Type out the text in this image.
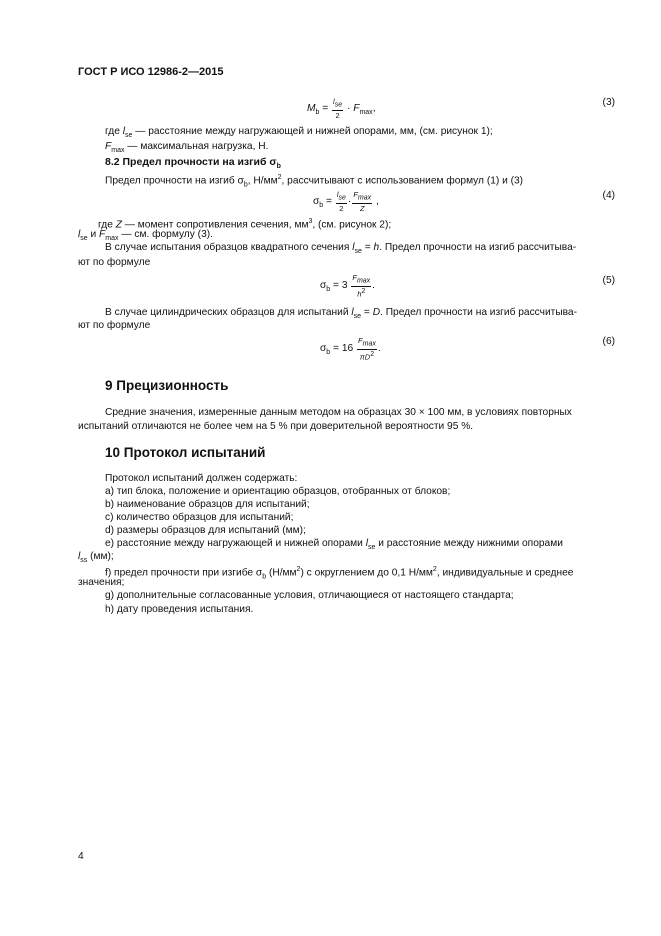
ГОСТ Р ИСО 12986-2—2015
$M_b = \frac{l_{se}}{2} \cdot F_{max}$,
(3)
где $l_{se}$ — расстояние между нагружающей и нижней опорами, мм, (см. рисунок 1);
$F_{max}$ — максимальная нагрузка, Н.
8.2 Предел прочности на изгиб $\sigma_b$
Предел прочности на изгиб $\sigma_b$, $Н/мм^2$, рассчитывают с использованием формул (1) и (3)
$\sigma_b = \frac{l_{se}}{2} \cdot \frac{F_{max}}{Z}$ ,
(4)
где Z — момент сопротивления сечения, $мм^3$, (см. рисунок 2);
$l_{se}$ и $F_{max}$ — см. формулу (3).
В случае испытания образцов квадратного сечения $l_{se} = h$. Предел прочности на изгиб рассчитыва-
ют по формуле
$\sigma_b = 3 \frac{F_{max}}{h^2}$ .	(5)
В случае цилиндрических образцов для испытаний $l_{se} = D$. Предел прочности на изгиб рассчитыва-
ют по формуле
$\sigma_b = 16 \frac{F_{max}}{\pi D^2}$ .
(6)
9 Прецизионность
Средние значения, измеренные данным методом на образцах 30 × 100 мм, в условиях повторных
испытаний отличаются не более чем на 5 % при доверительной вероятности 95 %.
10 Протокол испытаний
Протокол испытаний должен содержать:
a) тип блока, положение и ориентацию образцов, отобранных от блоков;
b) наименование образцов для испытаний;
c) количество образцов для испытаний;
d) размеры образцов для испытаний (мм);
e) расстояние между нагружающей и нижней опорами $l_{se}$ и расстояние между нижними опорами
$l_{ss}$ (мм);
f) предел прочности при изгибе $\sigma_b$ $(Н/мм^2)$ с округлением до 0,1 $Н/мм^2$, индивидуальные и среднее
значения;
g) дополнительные согласованные условия, отличающиеся от настоящего стандарта;
h) дату проведения испытания.
4
